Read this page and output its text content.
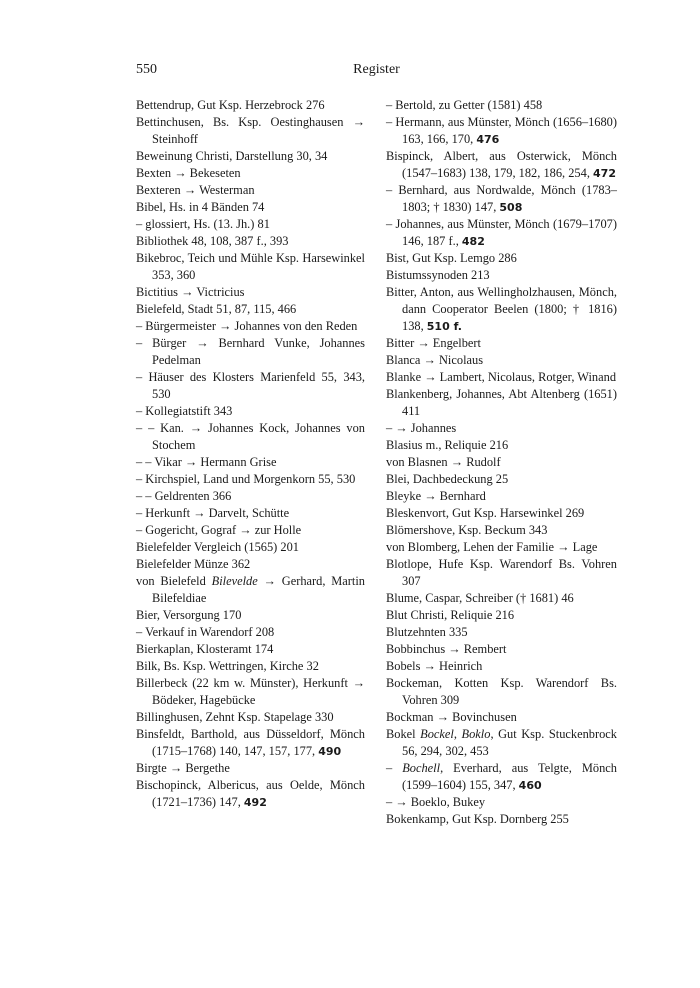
550	Register
Bettendrup, Gut Ksp. Herzebrock 276
Bettinchusen, Bs. Ksp. Oestinghausen → Steinhoff
Beweinung Christi, Darstellung 30, 34
Bexten → Bekeseten
Bexteren → Westerman
Bibel, Hs. in 4 Bänden 74
– glossiert, Hs. (13. Jh.) 81
Bibliothek 48, 108, 387 f., 393
Bikebroc, Teich und Mühle Ksp. Harsewinkel 353, 360
Bictitius → Victricius
Bielefeld, Stadt 51, 87, 115, 466
– Bürgermeister → Johannes von den Reden
– Bürger → Bernhard Vunke, Johannes Pedelman
– Häuser des Klosters Marienfeld 55, 343, 530
– Kollegiatstift 343
– – Kan. → Johannes Kock, Johannes von Stochem
– – Vikar → Hermann Grise
– Kirchspiel, Land und Morgenkorn 55, 530
– – Geldrenten 366
– Herkunft → Darvelt, Schütte
– Gogericht, Gograf → zur Holle
Bielefelder Vergleich (1565) 201
Bielefelder Münze 362
von Bielefeld Bilevelde → Gerhard, Martin Bilefeldiae
Bier, Versorgung 170
– Verkauf in Warendorf 208
Bierkaplan, Klosteramt 174
Bilk, Bs. Ksp. Wettringen, Kirche 32
Billerbeck (22 km w. Münster), Herkunft → Bödeker, Hagebücke
Billinghusen, Zehnt Ksp. Stapelage 330
Binsfeldt, Barthold, aus Düsseldorf, Mönch (1715–1768) 140, 147, 157, 177, 490
Birgte → Bergethe
Bischopinck, Albericus, aus Oelde, Mönch (1721–1736) 147, 492
– Bertold, zu Getter (1581) 458
– Hermann, aus Münster, Mönch (1656–1680) 163, 166, 170, 476
Bispinck, Albert, aus Osterwick, Mönch (1547–1683) 138, 179, 182, 186, 254, 472
– Bernhard, aus Nordwalde, Mönch (1783–1803; † 1830) 147, 508
– Johannes, aus Münster, Mönch (1679–1707) 146, 187 f., 482
Bist, Gut Ksp. Lemgo 286
Bistumssynoden 213
Bitter, Anton, aus Wellingholzhausen, Mönch, dann Cooperator Beelen (1800; † 1816) 138, 510 f.
Bitter → Engelbert
Blanca → Nicolaus
Blanke → Lambert, Nicolaus, Rotger, Winand
Blankenberg, Johannes, Abt Altenberg (1651) 411
– → Johannes
Blasius m., Reliquie 216
von Blasnen → Rudolf
Blei, Dachbedeckung 25
Bleyke → Bernhard
Bleskenvort, Gut Ksp. Harsewinkel 269
Blömershove, Ksp. Beckum 343
von Blomberg, Lehen der Familie → Lage
Blotlope, Hufe Ksp. Warendorf Bs. Vohren 307
Blume, Caspar, Schreiber († 1681) 46
Blut Christi, Reliquie 216
Blutzehnten 335
Bobbinchus → Rembert
Bobels → Heinrich
Bockeman, Kotten Ksp. Warendorf Bs. Vohren 309
Bockman → Bovinchusen
Bokel Bockel, Boklo, Gut Ksp. Stuckenbrock 56, 294, 302, 453
– Bochell, Everhard, aus Telgte, Mönch (1599–1604) 155, 347, 460
– → Boeklo, Bukey
Bokenkamp, Gut Ksp. Dornberg 255
